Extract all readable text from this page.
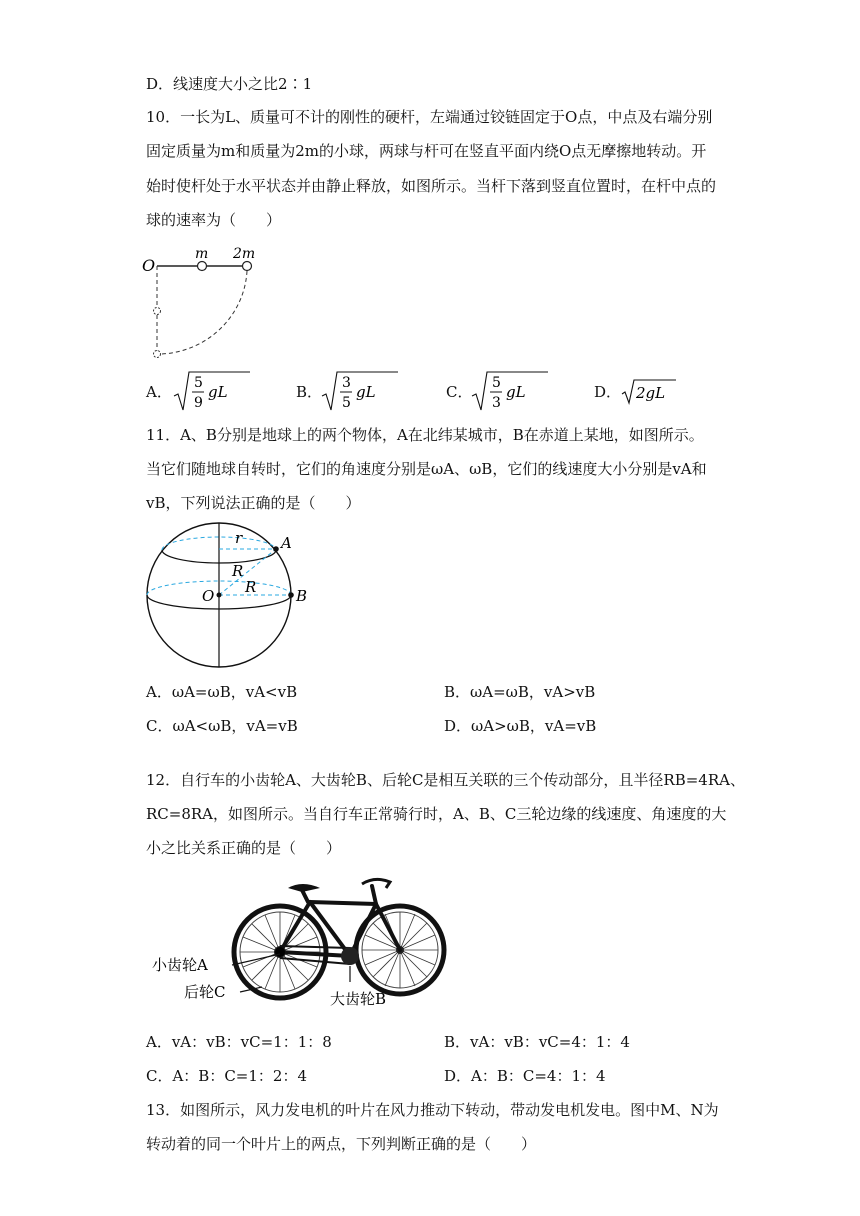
D．线速度大小之比2∶1
10．一长为L、质量可不计的刚性的硬杆，左端通过铰链固定于O点，中点及右端分别
固定质量为m和质量为2m的小球，两球与杆可在竖直平面内绕O点无摩擦地转动。开
始时使杆处于水平状态并由静止释放，如图所示。当杆下落到竖直位置时，在杆中点的
球的速率为（　　）
O
m 2m
A． 5
9
gL	B． 3
5
gL	C． 5
3
gL	D． 2gL
11．A、B分别是地球上的两个物体，A在北纬某城市，B在赤道上某地，如图所示。
当它们随地球自转时，它们的角速度分别是ωA、ωB，它们的线速度大小分别是vA和
vB，下列说法正确的是（　　）
r	A
R
R
O	B
A．ωA=ωB，vA<vB	B．ωA=ωB，vA>vB
C．ωA<ωB，vA=vB	D．ωA>ωB，vA=vB
12．自行车的小齿轮A、大齿轮B、后轮C是相互关联的三个传动部分，且半径RB=4RA、
RC=8RA，如图所示。当自行车正常骑行时，A、B、C三轮边缘的线速度、角速度的大
小之比关系正确的是（　　）
小齿轮A
后轮C	大齿轮B
A．vA：vB：vC=1：1：8	B．vA：vB：vC=4：1：4
C．A：B：C=1：2：4	D．A：B：C=4：1：4
13．如图所示，风力发电机的叶片在风力推动下转动，带动发电机发电。图中M、N为
转动着的同一个叶片上的两点，下列判断正确的是（　　）
